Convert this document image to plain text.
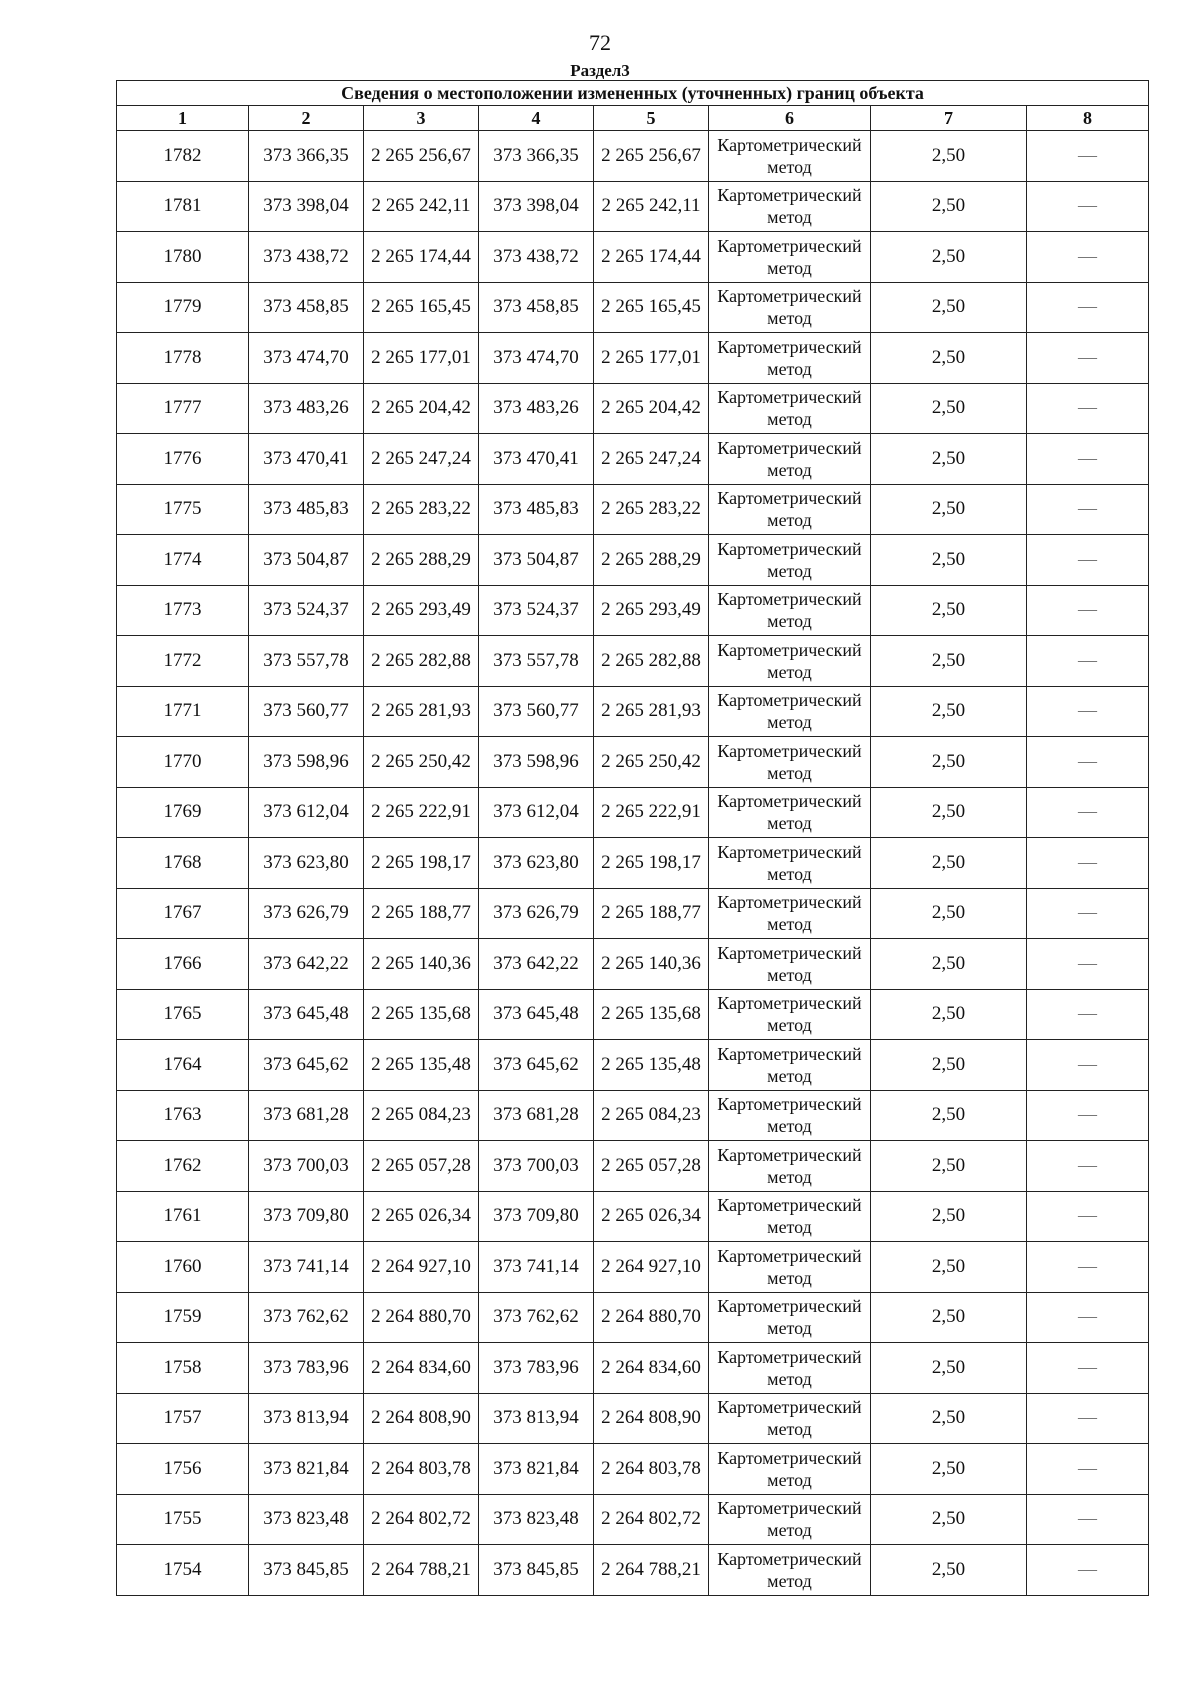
72
Раздел3
Сведения о местоположении измененных (уточненных) границ объекта							
1	2	3	4	5	6	7	8
1782	373 366,35	2 265 256,67	373 366,35	2 265 256,67	Картометрический метод	2,50	—
1781	373 398,04	2 265 242,11	373 398,04	2 265 242,11	Картометрический метод	2,50	—
1780	373 438,72	2 265 174,44	373 438,72	2 265 174,44	Картометрический метод	2,50	—
1779	373 458,85	2 265 165,45	373 458,85	2 265 165,45	Картометрический метод	2,50	—
1778	373 474,70	2 265 177,01	373 474,70	2 265 177,01	Картометрический метод	2,50	—
1777	373 483,26	2 265 204,42	373 483,26	2 265 204,42	Картометрический метод	2,50	—
1776	373 470,41	2 265 247,24	373 470,41	2 265 247,24	Картометрический метод	2,50	—
1775	373 485,83	2 265 283,22	373 485,83	2 265 283,22	Картометрический метод	2,50	—
1774	373 504,87	2 265 288,29	373 504,87	2 265 288,29	Картометрический метод	2,50	—
1773	373 524,37	2 265 293,49	373 524,37	2 265 293,49	Картометрический метод	2,50	—
1772	373 557,78	2 265 282,88	373 557,78	2 265 282,88	Картометрический метод	2,50	—
1771	373 560,77	2 265 281,93	373 560,77	2 265 281,93	Картометрический метод	2,50	—
1770	373 598,96	2 265 250,42	373 598,96	2 265 250,42	Картометрический метод	2,50	—
1769	373 612,04	2 265 222,91	373 612,04	2 265 222,91	Картометрический метод	2,50	—
1768	373 623,80	2 265 198,17	373 623,80	2 265 198,17	Картометрический метод	2,50	—
1767	373 626,79	2 265 188,77	373 626,79	2 265 188,77	Картометрический метод	2,50	—
1766	373 642,22	2 265 140,36	373 642,22	2 265 140,36	Картометрический метод	2,50	—
1765	373 645,48	2 265 135,68	373 645,48	2 265 135,68	Картометрический метод	2,50	—
1764	373 645,62	2 265 135,48	373 645,62	2 265 135,48	Картометрический метод	2,50	—
1763	373 681,28	2 265 084,23	373 681,28	2 265 084,23	Картометрический метод	2,50	—
1762	373 700,03	2 265 057,28	373 700,03	2 265 057,28	Картометрический метод	2,50	—
1761	373 709,80	2 265 026,34	373 709,80	2 265 026,34	Картометрический метод	2,50	—
1760	373 741,14	2 264 927,10	373 741,14	2 264 927,10	Картометрический метод	2,50	—
1759	373 762,62	2 264 880,70	373 762,62	2 264 880,70	Картометрический метод	2,50	—
1758	373 783,96	2 264 834,60	373 783,96	2 264 834,60	Картометрический метод	2,50	—
1757	373 813,94	2 264 808,90	373 813,94	2 264 808,90	Картометрический метод	2,50	—
1756	373 821,84	2 264 803,78	373 821,84	2 264 803,78	Картометрический метод	2,50	—
1755	373 823,48	2 264 802,72	373 823,48	2 264 802,72	Картометрический метод	2,50	—
1754	373 845,85	2 264 788,21	373 845,85	2 264 788,21	Картометрический метод	2,50	—
